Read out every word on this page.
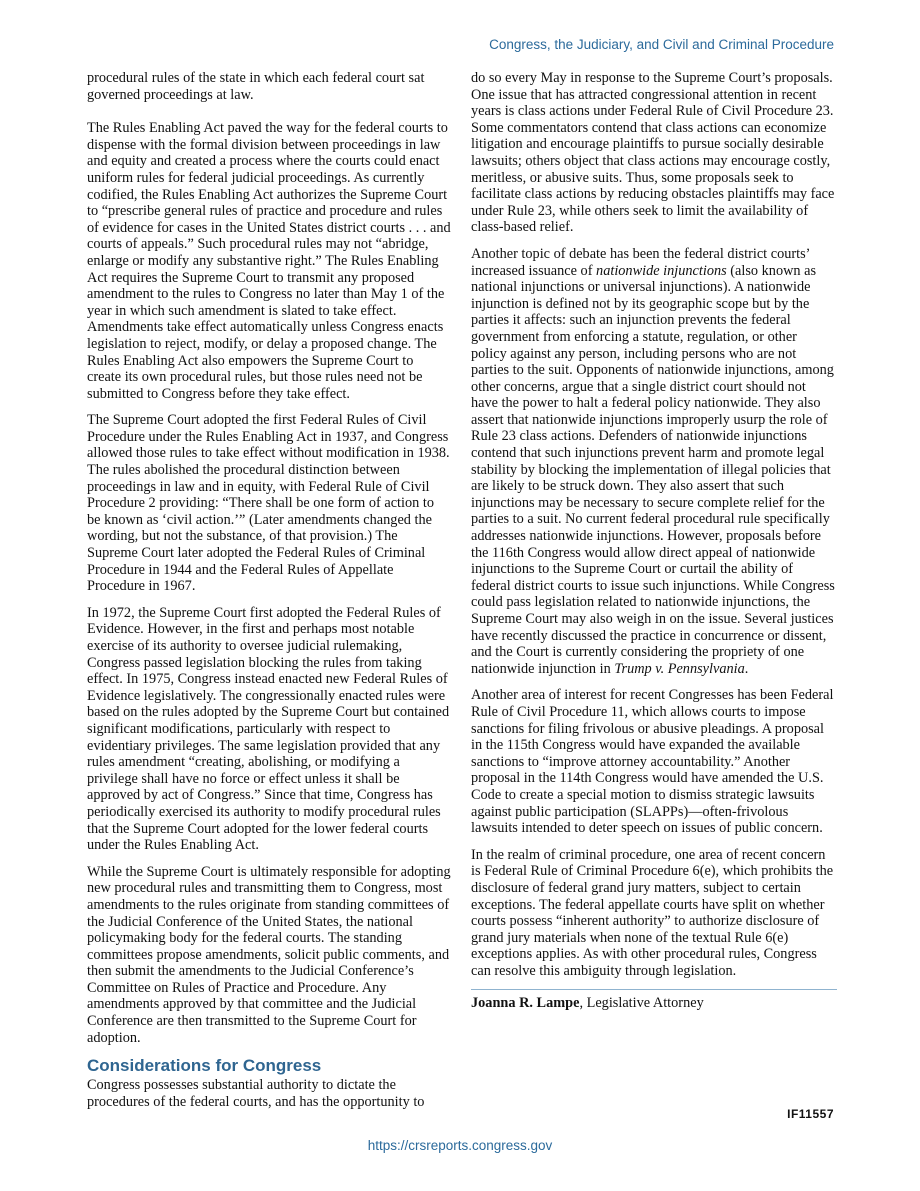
Congress, the Judiciary, and Civil and Criminal Procedure

procedural rules of the state in which each federal court sat governed proceedings at law.

The Rules Enabling Act paved the way for the federal courts to dispense with the formal division between proceedings in law and equity and created a process where the courts could enact uniform rules for federal judicial proceedings. As currently codified, the Rules Enabling Act authorizes the Supreme Court to “prescribe general rules of practice and procedure and rules of evidence for cases in the United States district courts . . . and courts of appeals.” Such procedural rules may not “abridge, enlarge or modify any substantive right.” The Rules Enabling Act requires the Supreme Court to transmit any proposed amendment to the rules to Congress no later than May 1 of the year in which such amendment is slated to take effect. Amendments take effect automatically unless Congress enacts legislation to reject, modify, or delay a proposed change. The Rules Enabling Act also empowers the Supreme Court to create its own procedural rules, but those rules need not be submitted to Congress before they take effect.

The Supreme Court adopted the first Federal Rules of Civil Procedure under the Rules Enabling Act in 1937, and Congress allowed those rules to take effect without modification in 1938. The rules abolished the procedural distinction between proceedings in law and in equity, with Federal Rule of Civil Procedure 2 providing: “There shall be one form of action to be known as ‘civil action.’” (Later amendments changed the wording, but not the substance, of that provision.) The Supreme Court later adopted the Federal Rules of Criminal Procedure in 1944 and the Federal Rules of Appellate Procedure in 1967.

In 1972, the Supreme Court first adopted the Federal Rules of Evidence. However, in the first and perhaps most notable exercise of its authority to oversee judicial rulemaking, Congress passed legislation blocking the rules from taking effect. In 1975, Congress instead enacted new Federal Rules of Evidence legislatively. The congressionally enacted rules were based on the rules adopted by the Supreme Court but contained significant modifications, particularly with respect to evidentiary privileges. The same legislation provided that any rules amendment “creating, abolishing, or modifying a privilege shall have no force or effect unless it shall be approved by act of Congress.” Since that time, Congress has periodically exercised its authority to modify procedural rules that the Supreme Court adopted for the lower federal courts under the Rules Enabling Act.

While the Supreme Court is ultimately responsible for adopting new procedural rules and transmitting them to Congress, most amendments to the rules originate from standing committees of the Judicial Conference of the United States, the national policymaking body for the federal courts. The standing committees propose amendments, solicit public comments, and then submit the amendments to the Judicial Conference’s Committee on Rules of Practice and Procedure. Any amendments approved by that committee and the Judicial Conference are then transmitted to the Supreme Court for adoption.

Considerations for Congress

Congress possesses substantial authority to dictate the procedures of the federal courts, and has the opportunity to

do so every May in response to the Supreme Court’s proposals. One issue that has attracted congressional attention in recent years is class actions under Federal Rule of Civil Procedure 23. Some commentators contend that class actions can economize litigation and encourage plaintiffs to pursue socially desirable lawsuits; others object that class actions may encourage costly, meritless, or abusive suits. Thus, some proposals seek to facilitate class actions by reducing obstacles plaintiffs may face under Rule 23, while others seek to limit the availability of class-based relief.

Another topic of debate has been the federal district courts’ increased issuance of nationwide injunctions (also known as national injunctions or universal injunctions). A nationwide injunction is defined not by its geographic scope but by the parties it affects: such an injunction prevents the federal government from enforcing a statute, regulation, or other policy against any person, including persons who are not parties to the suit. Opponents of nationwide injunctions, among other concerns, argue that a single district court should not have the power to halt a federal policy nationwide. They also assert that nationwide injunctions improperly usurp the role of Rule 23 class actions. Defenders of nationwide injunctions contend that such injunctions prevent harm and promote legal stability by blocking the implementation of illegal policies that are likely to be struck down. They also assert that such injunctions may be necessary to secure complete relief for the parties to a suit. No current federal procedural rule specifically addresses nationwide injunctions. However, proposals before the 116th Congress would allow direct appeal of nationwide injunctions to the Supreme Court or curtail the ability of federal district courts to issue such injunctions. While Congress could pass legislation related to nationwide injunctions, the Supreme Court may also weigh in on the issue. Several justices have recently discussed the practice in concurrence or dissent, and the Court is currently considering the propriety of one nationwide injunction in Trump v. Pennsylvania.

Another area of interest for recent Congresses has been Federal Rule of Civil Procedure 11, which allows courts to impose sanctions for filing frivolous or abusive pleadings. A proposal in the 115th Congress would have expanded the available sanctions to “improve attorney accountability.” Another proposal in the 114th Congress would have amended the U.S. Code to create a special motion to dismiss strategic lawsuits against public participation (SLAPPs)—often-frivolous lawsuits intended to deter speech on issues of public concern.

In the realm of criminal procedure, one area of recent concern is Federal Rule of Criminal Procedure 6(e), which prohibits the disclosure of federal grand jury matters, subject to certain exceptions. The federal appellate courts have split on whether courts possess “inherent authority” to authorize disclosure of grand jury materials when none of the textual Rule 6(e) exceptions applies. As with other procedural rules, Congress can resolve this ambiguity through legislation.

Joanna R. Lampe, Legislative Attorney
IF11557
https://crsreports.congress.gov
